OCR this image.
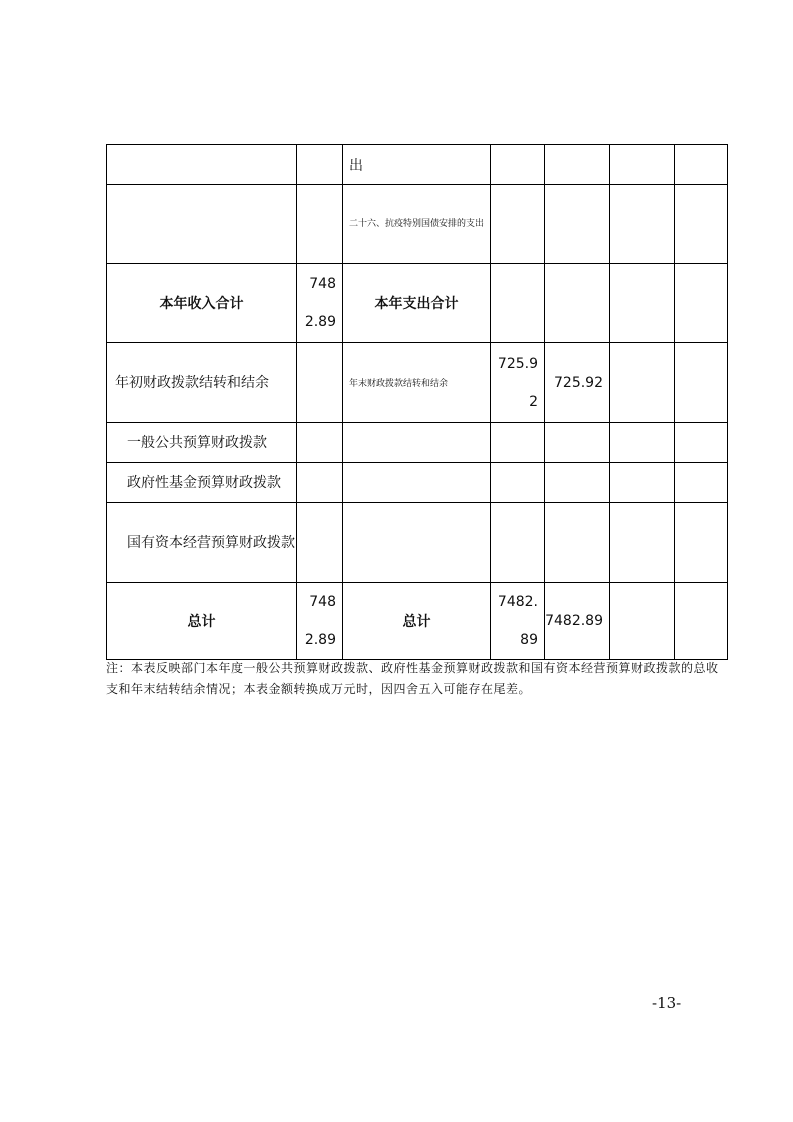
		出				
		二十六、抗疫特别国债安排的支出				
本年收入合计	7482.89	本年支出合计				
年初财政拨款结转和结余		年末财政拨款结转和结余	725.92	725.92		
一般公共预算财政拨款						
政府性基金预算财政拨款						
国有资本经营预算财政拨款						
总计	7482.89	总计	7482.89	7482.89		
注：本表反映部门本年度一般公共预算财政拨款、政府性基金预算财政拨款和国有资本经营预算财政拨款的总收支和年末结转结余情况；本表金额转换成万元时，因四舍五入可能存在尾差。
-13-
